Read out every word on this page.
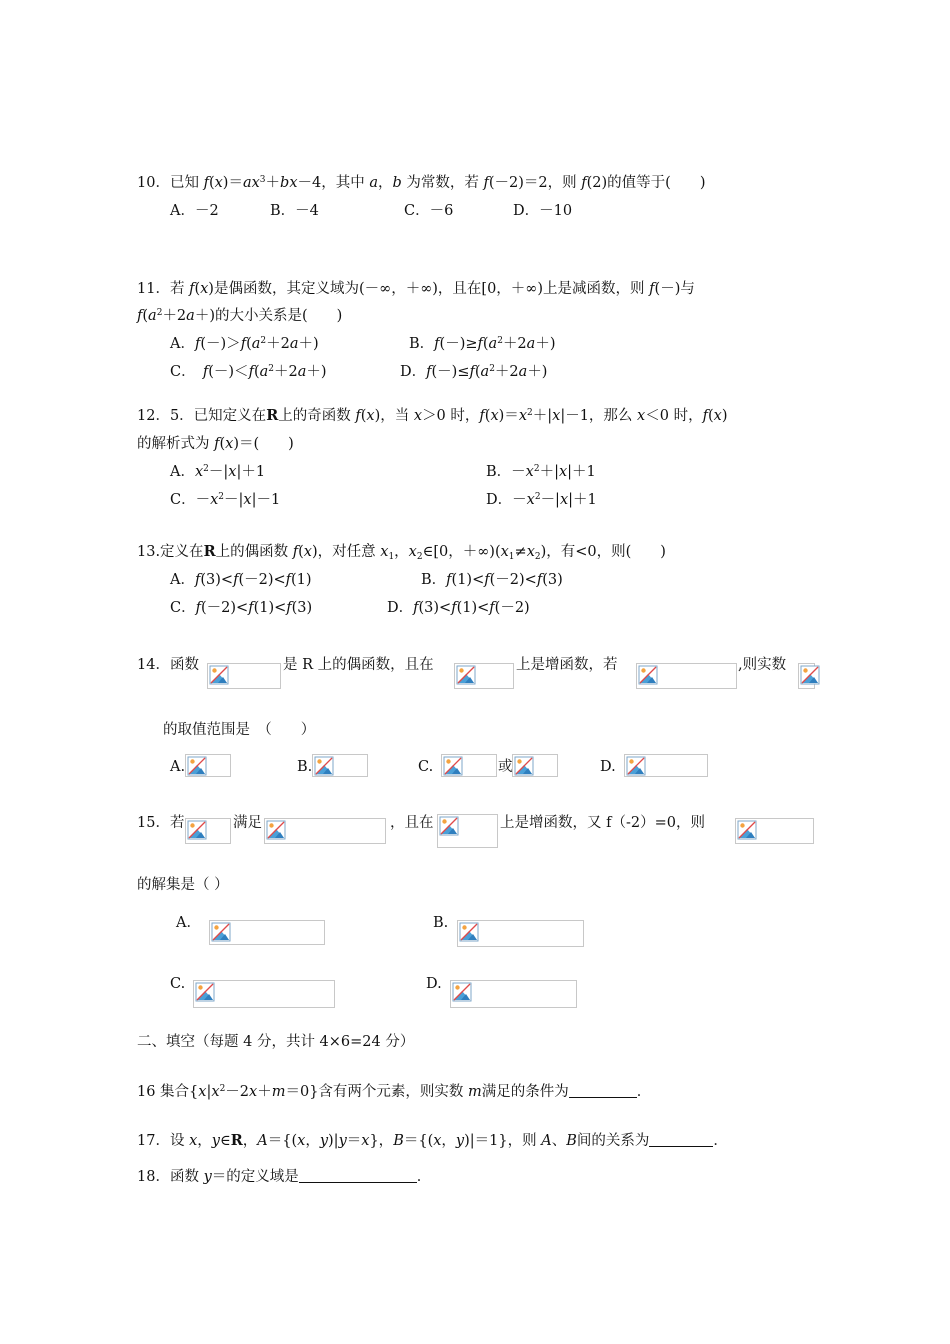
10．已知 $f(x)=ax^3+bx-4$，其中 a，b 为常数，若 f(－2)＝2，则 f(2)的值等于(　　)
A．－2	B．－4	C．－6	D．－10
11．若 f(x)是偶函数，其定义域为(－∞，＋∞)，且在[0，＋∞)上是减函数，则 f(－)与
$f(a^2+2a+)$的大小关系是(　　)
A．$f(-)>f(a^2+2a+)$	B．$f(-)\ge f(a^2+2a+)$
C．　$f(-)<f(a^2+2a+)$	D．$f(-)\le f(a^2+2a+)$
12．5．已知定义在R上的奇函数 f(x)，当 x＞0 时，$f(x)=x^2+|x|-1$，那么 x＜0 时，f(x)
的解析式为 f(x)＝(　　)
A．$x^2-|x|+1$	B．$-x^2+|x|+1$
C．$-x^2-|x|-1$	D．$-x^2-|x|+1$
13.定义在R上的偶函数 f(x)，对任意 $x_1$，$x_2\in[0$，$+\infty)(x_1\ne x_2)$，有<0，则(　　)
A．f(3)<f(－2)<f(1)	B．f(1)<f(－2)<f(3)
C．f(－2)<f(1)<f(3)	D．f(3)<f(1)<f(－2)
14．函数	是 R 上的偶函数，且在	上是增函数，若	,则实数
的取值范围是　（　　）
A.	B.	C.	或	D.
15．若	满足	，且在	上是增函数，又 f（-2）=0，则
的解集是（ ）
A．	B.
C.	D.
二、填空（每题 4 分，共计 4×6=24 分）
16 集合$\{x|x^2-2x+m=0\}$含有两个元素，则实数 m满足的条件为	．
17．设 x，y∈R，A＝{(x，y)|y＝x}，B＝{(x，y)|＝1}，则 A、B间的关系为	．
18．函数 y＝的定义域是	．
